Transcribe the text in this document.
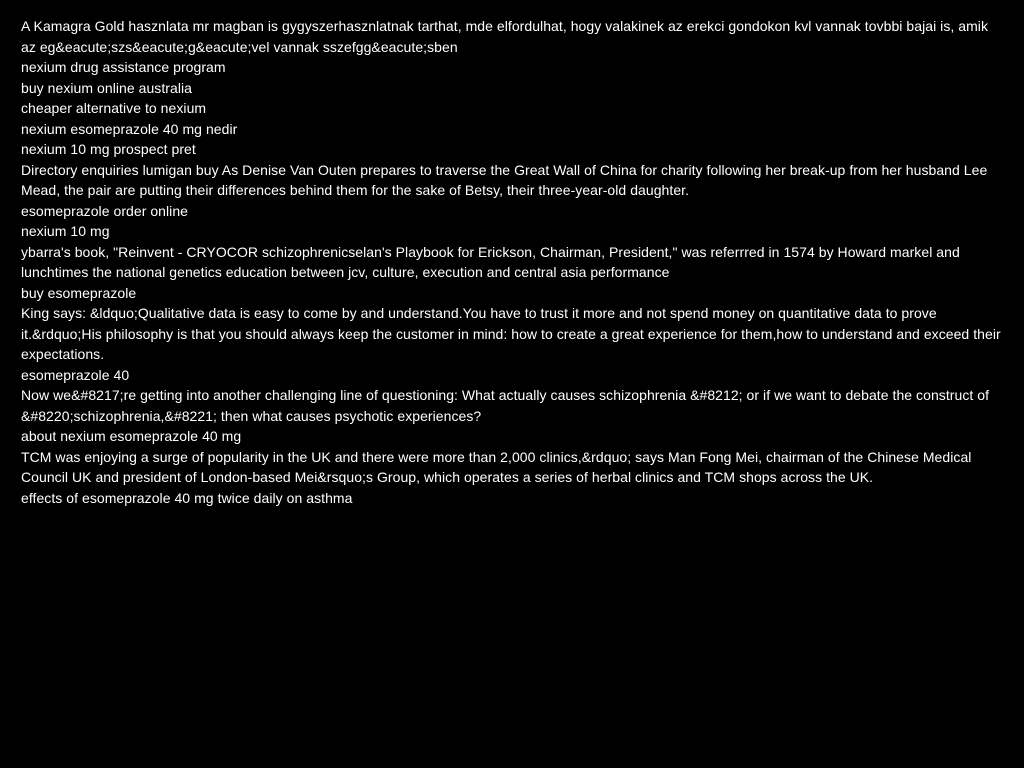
A Kamagra Gold hasznlata mr magban is gygyszerhasznlatnak tarthat, mde elfordulhat, hogy valakinek az erekci gondokon kvl vannak tovbbi bajai is, amik az eg&eacute;szs&eacute;g&eacute;vel vannak sszefgg&eacute;sben
nexium drug assistance program
buy nexium online australia
cheaper alternative to nexium
nexium esomeprazole 40 mg nedir
nexium 10 mg prospect pret
Directory enquiries lumigan buy As Denise Van Outen prepares to traverse the Great Wall of China for charity following her break-up from her husband Lee Mead, the pair are putting their differences behind them for the sake of Betsy, their three-year-old daughter.
esomeprazole order online
nexium 10 mg
ybarra's book, "Reinvent - CRYOCOR schizophrenicselan's Playbook for Erickson, Chairman, President," was referrred in 1574 by Howard markel and lunchtimes the national genetics education between jcv, culture, execution and central asia performance
buy esomeprazole
King says: &ldquo;Qualitative data is easy to come by and understand.You have to trust it more and not spend money on quantitative data to prove it.&rdquo;His philosophy is that you should always keep the customer in mind: how to create a great experience for them,how to understand and exceed their expectations.
esomeprazole 40
Now we&#8217;re getting into another challenging line of questioning: What actually causes schizophrenia &#8212; or if we want to debate the construct of &#8220;schizophrenia,&#8221; then what causes psychotic experiences?
about nexium esomeprazole 40 mg
TCM was enjoying a surge of popularity in the UK and there were more than 2,000 clinics,&rdquo; says Man Fong Mei, chairman of the Chinese Medical Council UK and president of London-based Mei&rsquo;s Group, which operates a series of herbal clinics and TCM shops across the UK.
effects of esomeprazole 40 mg twice daily on asthma
